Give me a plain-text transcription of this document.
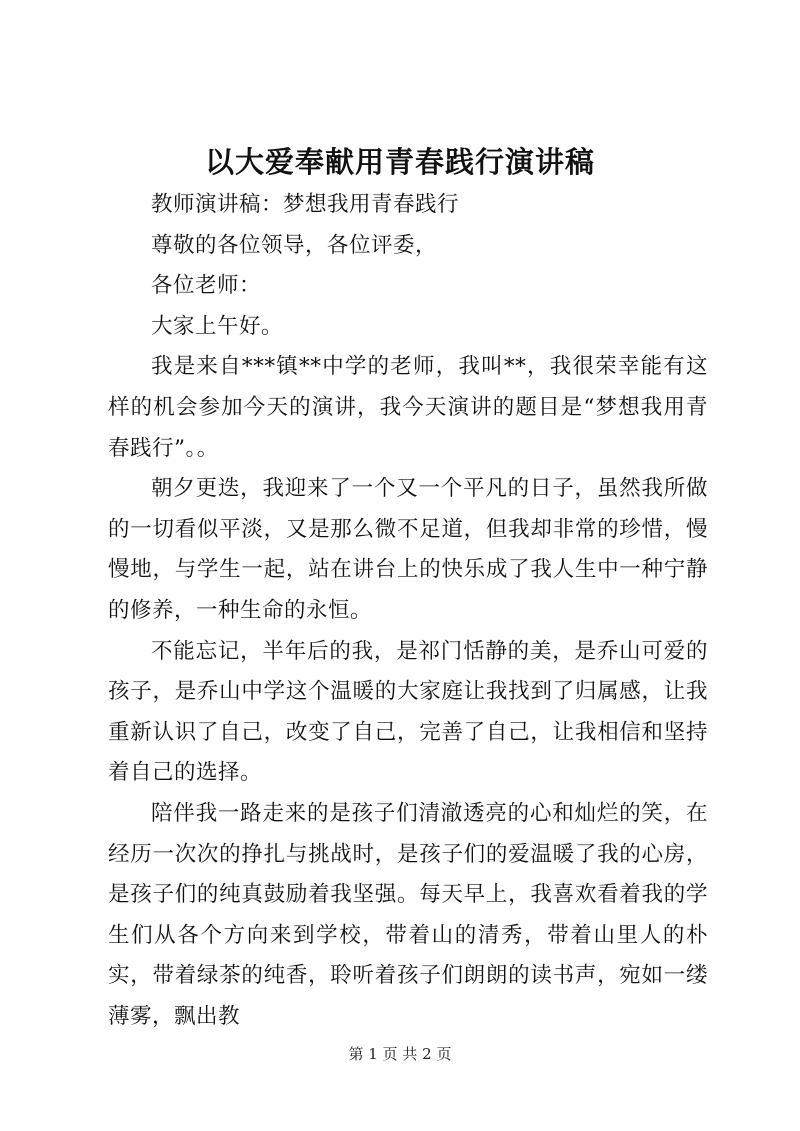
以大爱奉献用青春践行演讲稿

教师演讲稿：梦想我用青春践行

尊敬的各位领导，各位评委，

各位老师：

大家上午好。

我是来自***镇**中学的老师，我叫**，我很荣幸能有这样的机会参加今天的演讲，我今天演讲的题目是“梦想我用青春践行”。。

朝夕更迭，我迎来了一个又一个平凡的日子，虽然我所做的一切看似平淡，又是那么微不足道，但我却非常的珍惜，慢慢地，与学生一起，站在讲台上的快乐成了我人生中一种宁静的修养，一种生命的永恒。

不能忘记，半年后的我，是祁门恬静的美，是乔山可爱的孩子，是乔山中学这个温暖的大家庭让我找到了归属感，让我重新认识了自己，改变了自己，完善了自己，让我相信和坚持着自己的选择。

陪伴我一路走来的是孩子们清澈透亮的心和灿烂的笑，在经历一次次的挣扎与挑战时，是孩子们的爱温暖了我的心房，是孩子们的纯真鼓励着我坚强。每天早上，我喜欢看着我的学生们从各个方向来到学校，带着山的清秀，带着山里人的朴实，带着绿茶的纯香，聆听着孩子们朗朗的读书声，宛如一缕薄雾，飘出教

第 1 页 共 2 页
